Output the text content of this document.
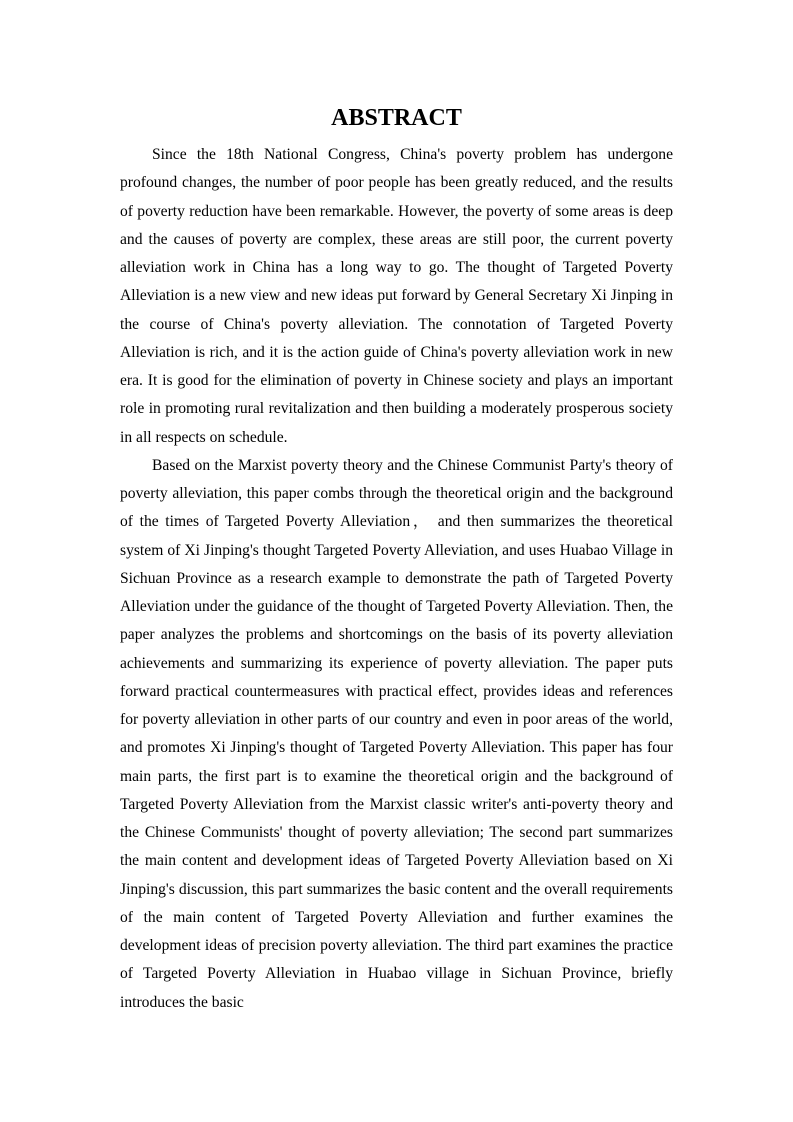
ABSTRACT

Since the 18th National Congress, China's poverty problem has undergone profound changes, the number of poor people has been greatly reduced, and the results of poverty reduction have been remarkable. However, the poverty of some areas is deep and the causes of poverty are complex, these areas are still poor, the current poverty alleviation work in China has a long way to go. The thought of Targeted Poverty Alleviation is a new view and new ideas put forward by General Secretary Xi Jinping in the course of China's poverty alleviation. The connotation of Targeted Poverty Alleviation is rich, and it is the action guide of China's poverty alleviation work in new era. It is good for the elimination of poverty in Chinese society and plays an important role in promoting rural revitalization and then building a moderately prosperous society in all respects on schedule.

Based on the Marxist poverty theory and the Chinese Communist Party's theory of poverty alleviation, this paper combs through the theoretical origin and the background of the times of Targeted Poverty Alleviation， and then summarizes the theoretical system of Xi Jinping's thought Targeted Poverty Alleviation, and uses Huabao Village in Sichuan Province as a research example to demonstrate the path of Targeted Poverty Alleviation under the guidance of the thought of Targeted Poverty Alleviation. Then, the paper analyzes the problems and shortcomings on the basis of its poverty alleviation achievements and summarizing its experience of poverty alleviation. The paper puts forward practical countermeasures with practical effect, provides ideas and references for poverty alleviation in other parts of our country and even in poor areas of the world, and promotes Xi Jinping's thought of Targeted Poverty Alleviation. This paper has four main parts, the first part is to examine the theoretical origin and the background of Targeted Poverty Alleviation from the Marxist classic writer's anti-poverty theory and the Chinese Communists' thought of poverty alleviation; The second part summarizes the main content and development ideas of Targeted Poverty Alleviation based on Xi Jinping's discussion, this part summarizes the basic content and the overall requirements of the main content of Targeted Poverty Alleviation and further examines the development ideas of precision poverty alleviation. The third part examines the practice of Targeted Poverty Alleviation in Huabao village in Sichuan Province, briefly introduces the basic
